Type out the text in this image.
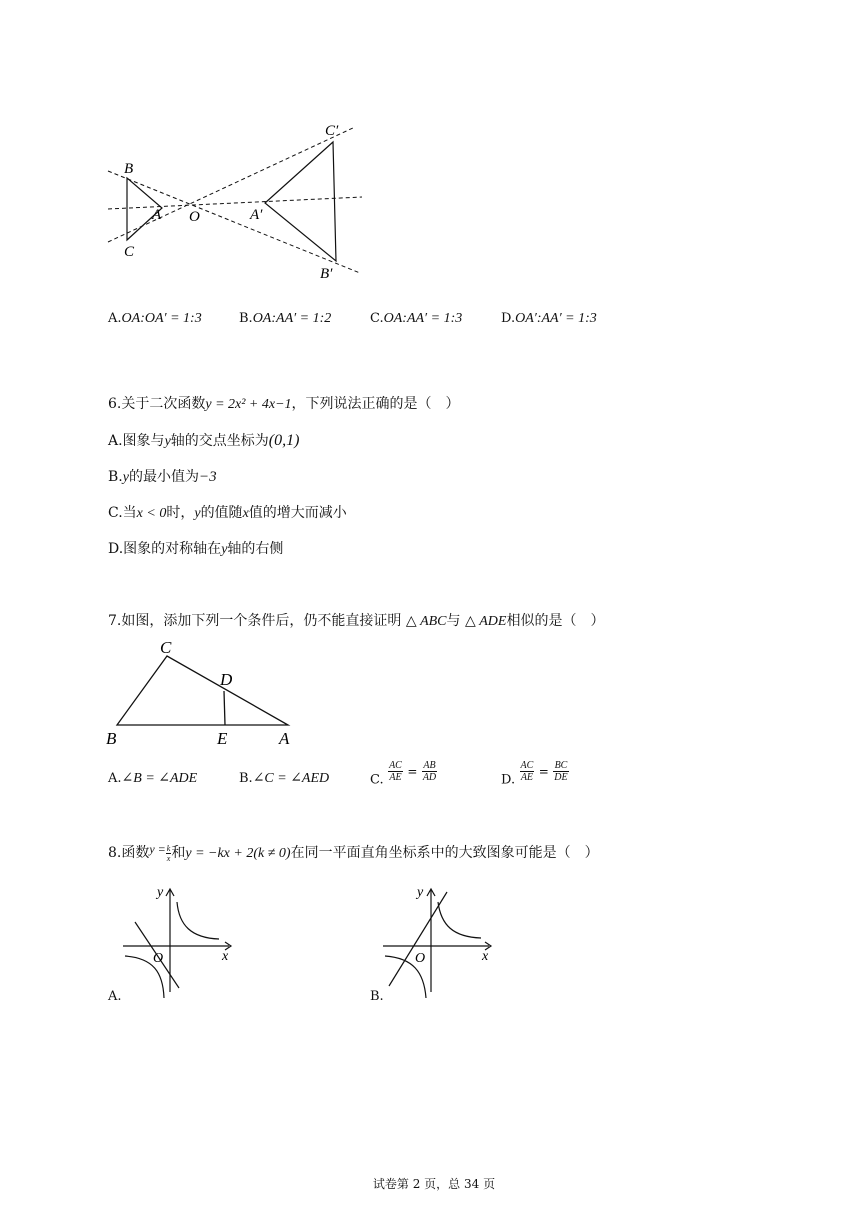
B
A
C
O	A′
C′
B′
A.OA:OA′ = 1:3	B.OA:AA′ = 1:2	C.OA:AA′ = 1:3	D.OA′:AA′ = 1:3
6.关于二次函数y = 2x² + 4x−1，下列说法正确的是（　）
A.图象与y轴的交点坐标为(0,1)
B.y的最小值为−3
C.当x < 0时，y的值随x值的增大而减小
D.图象的对称轴在y轴的右侧
7.如图，添加下列一个条件后，仍不能直接证明 △ ABC与 △ ADE相似的是（　）
C
D
B	E	A
A.∠B = ∠ADE	B.∠C = ∠AED	C. $\frac{AC}{AE} = \frac{AB}{AD}$	D. $\frac{AC}{AE} = \frac{BC}{DE}$
8.函数$y = \frac{k}{x}$ 和y = −kx + 2(k ≠ 0)在同一平面直角坐标系中的大致图象可能是（　）
y
x
O
A.
y
x
O
B.
试卷第 2 页，总 34 页
